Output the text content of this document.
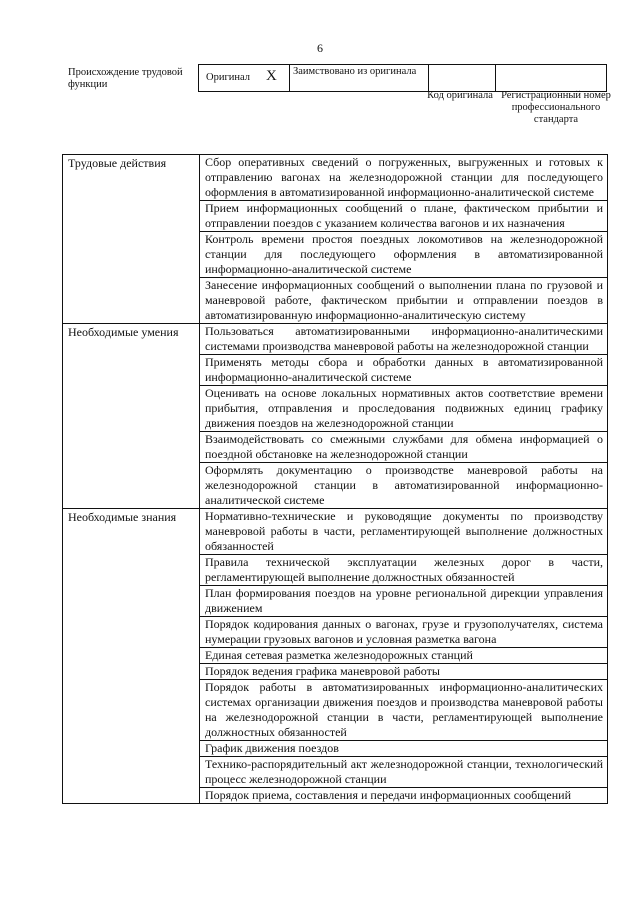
6
Происхождение трудовой функции
Оригинал X	Заимствовано из оригинала		
Код оригинала Регистрационный номер профессионального стандарта
Трудовые действия	Сбор оперативных сведений о погруженных, выгруженных и готовых к отправлению вагонах на железнодорожной станции для последующего оформления в автоматизированной информационно-аналитической системе
	Прием информационных сообщений о плане, фактическом прибытии и отправлении поездов с указанием количества вагонов и их назначения
	Контроль времени простоя поездных локомотивов на железнодорожной станции для последующего оформления в автоматизированной информационно-аналитической системе
	Занесение информационных сообщений о выполнении плана по грузовой и маневровой работе, фактическом прибытии и отправлении поездов в автоматизированную информационно-аналитическую систему
Необходимые умения	Пользоваться автоматизированными информационно-аналитическими системами производства маневровой работы на железнодорожной станции
	Применять методы сбора и обработки данных в автоматизированной информационно-аналитической системе
	Оценивать на основе локальных нормативных актов соответствие времени прибытия, отправления и проследования подвижных единиц графику движения поездов на железнодорожной станции
	Взаимодействовать со смежными службами для обмена информацией о поездной обстановке на железнодорожной станции
	Оформлять документацию о производстве маневровой работы на железнодорожной станции в автоматизированной информационно-аналитической системе
Необходимые знания	Нормативно-технические и руководящие документы по производству маневровой работы в части, регламентирующей выполнение должностных обязанностей
	Правила технической эксплуатации железных дорог в части, регламентирующей выполнение должностных обязанностей
	План формирования поездов на уровне региональной дирекции управления движением
	Порядок кодирования данных о вагонах, грузе и грузополучателях, система нумерации грузовых вагонов и условная разметка вагона
	Единая сетевая разметка железнодорожных станций
	Порядок ведения графика маневровой работы
	Порядок работы в автоматизированных информационно-аналитических системах организации движения поездов и производства маневровой работы на железнодорожной станции в части, регламентирующей выполнение должностных обязанностей
	График движения поездов
	Технико-распорядительный акт железнодорожной станции, технологический процесс железнодорожной станции
	Порядок приема, составления и передачи информационных сообщений
